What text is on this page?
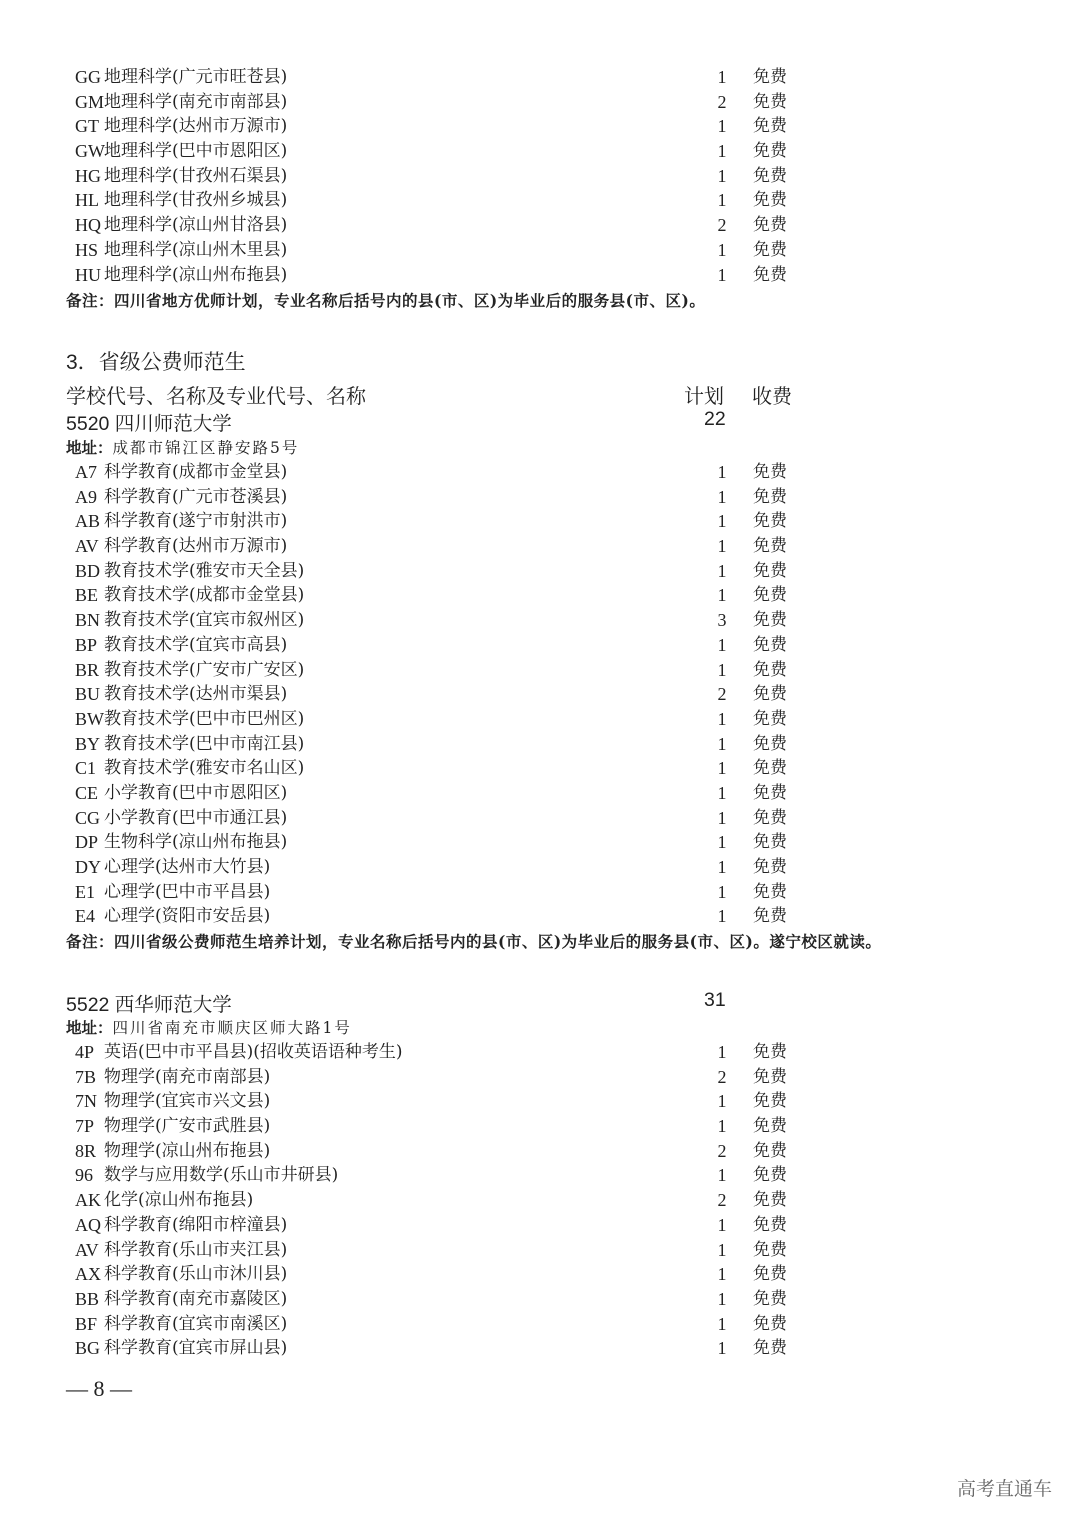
GG 地理科学(广元市旺苍县)	1	免费
GM 地理科学(南充市南部县)	2	免费
GT 地理科学(达州市万源市)	1	免费
GW 地理科学(巴中市恩阳区)	1	免费
HG 地理科学(甘孜州石渠县)	1	免费
HL 地理科学(甘孜州乡城县)	1	免费
HQ 地理科学(凉山州甘洛县)	2	免费
HS 地理科学(凉山州木里县)	1	免费
HU 地理科学(凉山州布拖县)	1	免费
备注：四川省地方优师计划，专业名称后括号内的县(市、区)为毕业后的服务县(市、区)。
3．省级公费师范生
学校代号、名称及专业代号、名称	计划 收费
5520 四川师范大学	22
地址：成都市锦江区静安路5号
A7 科学教育(成都市金堂县)	1	免费
A9 科学教育(广元市苍溪县)	1	免费
AB 科学教育(遂宁市射洪市)	1	免费
AV 科学教育(达州市万源市)	1	免费
BD 教育技术学(雅安市天全县)	1	免费
BE 教育技术学(成都市金堂县)	1	免费
BN 教育技术学(宜宾市叙州区)	3	免费
BP 教育技术学(宜宾市高县)	1	免费
BR 教育技术学(广安市广安区)	1	免费
BU 教育技术学(达州市渠县)	2	免费
BW 教育技术学(巴中市巴州区)	1	免费
BY 教育技术学(巴中市南江县)	1	免费
C1 教育技术学(雅安市名山区)	1	免费
CE 小学教育(巴中市恩阳区)	1	免费
CG 小学教育(巴中市通江县)	1	免费
DP 生物科学(凉山州布拖县)	1	免费
DY 心理学(达州市大竹县)	1	免费
E1 心理学(巴中市平昌县)	1	免费
E4 心理学(资阳市安岳县)	1	免费
备注：四川省级公费师范生培养计划，专业名称后括号内的县(市、区)为毕业后的服务县(市、区)。遂宁校区就读。
5522 西华师范大学	31
地址：四川省南充市顺庆区师大路1号
4P 英语(巴中市平昌县)(招收英语语种考生)	1	免费
7B 物理学(南充市南部县)	2	免费
7N 物理学(宜宾市兴文县)	1	免费
7P 物理学(广安市武胜县)	1	免费
8R 物理学(凉山州布拖县)	2	免费
96 数学与应用数学(乐山市井研县)	1	免费
AK 化学(凉山州布拖县)	2	免费
AQ 科学教育(绵阳市梓潼县)	1	免费
AV 科学教育(乐山市夹江县)	1	免费
AX 科学教育(乐山市沐川县)	1	免费
BB 科学教育(南充市嘉陵区)	1	免费
BF 科学教育(宜宾市南溪区)	1	免费
BG 科学教育(宜宾市屏山县)	1	免费
— 8 —
高考直通车
